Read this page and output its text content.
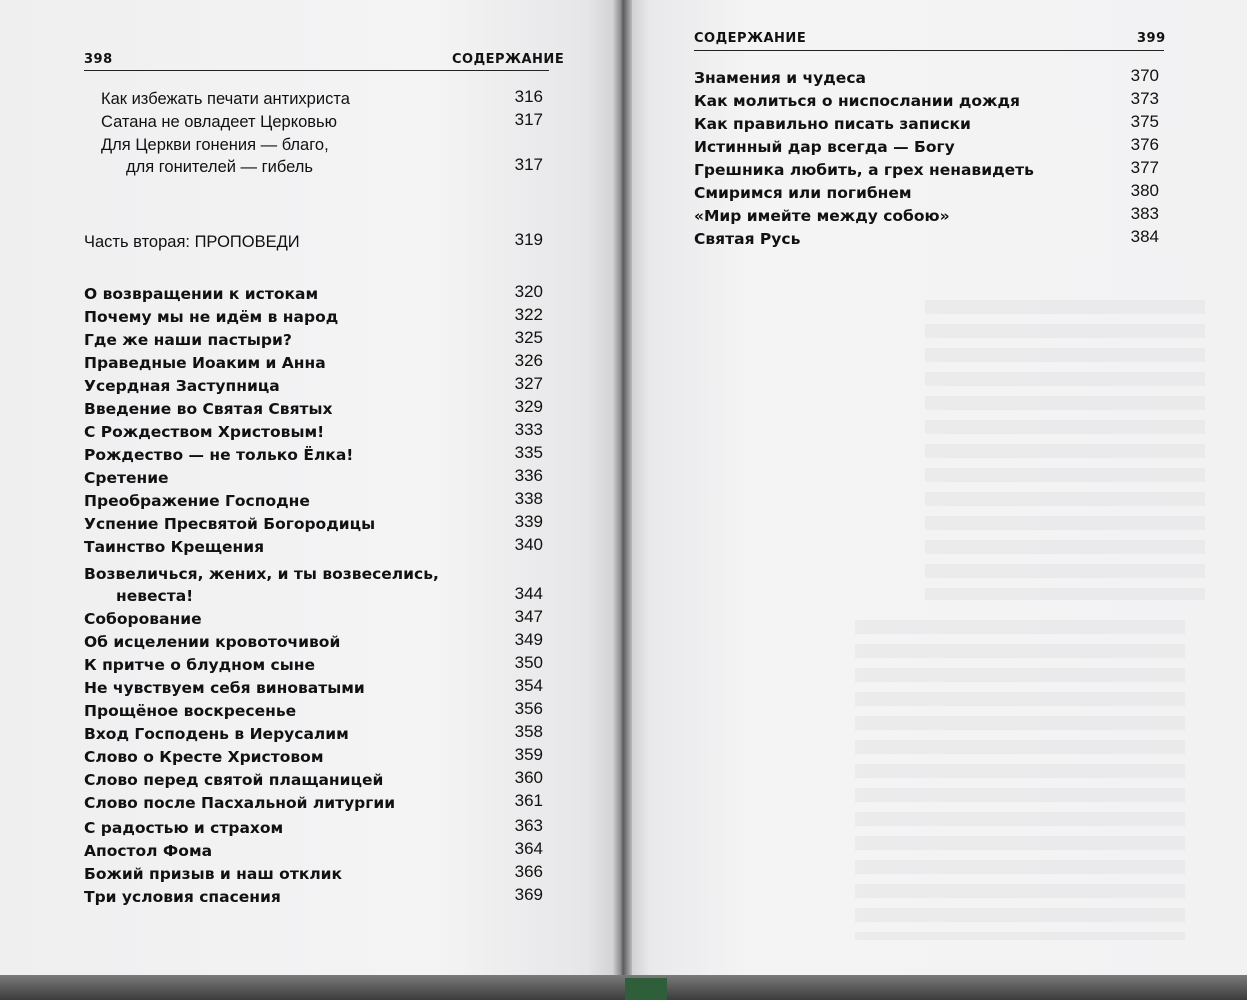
398	СОДЕРЖАНИЕ
Как избежать печати антихриста	316
Сатана не овладеет Церковью	317
Для Церкви гонения — благо,
для гонителей — гибель	317
Часть вторая: ПРОПОВЕДИ	319
О возвращении к истокам	320
Почему мы не идём в народ	322
Где же наши пастыри?	325
Праведные Иоаким и Анна	326
Усердная Заступница	327
Введение во Святая Святых	329
С Рождеством Христовым!	333
Рождество — не только Ёлка!	335
Сретение	336
Преображение Господне	338
Успение Пресвятой Богородицы	339
Таинство Крещения	340
Возвеличься, жених, и ты возвеселись,
невеста!	344
Соборование	347
Об исцелении кровоточивой	349
К притче о блудном сыне	350
Не чувствуем себя виноватыми	354
Прощёное воскресенье	356
Вход Господень в Иерусалим	358
Слово о Кресте Христовом	359
Слово перед святой плащаницей	360
Слово после Пасхальной литургии	361
С радостью и страхом	363
Апостол Фома	364
Божий призыв и наш отклик	366
Три условия спасения	369
СОДЕРЖАНИЕ	399
Знамения и чудеса	370
Как молиться о ниспослании дождя	373
Как правильно писать записки	375
Истинный дар всегда — Богу	376
Грешника любить, а грех ненавидеть	377
Смиримся или погибнем	380
«Мир имейте между собою»	383
Святая Русь	384
